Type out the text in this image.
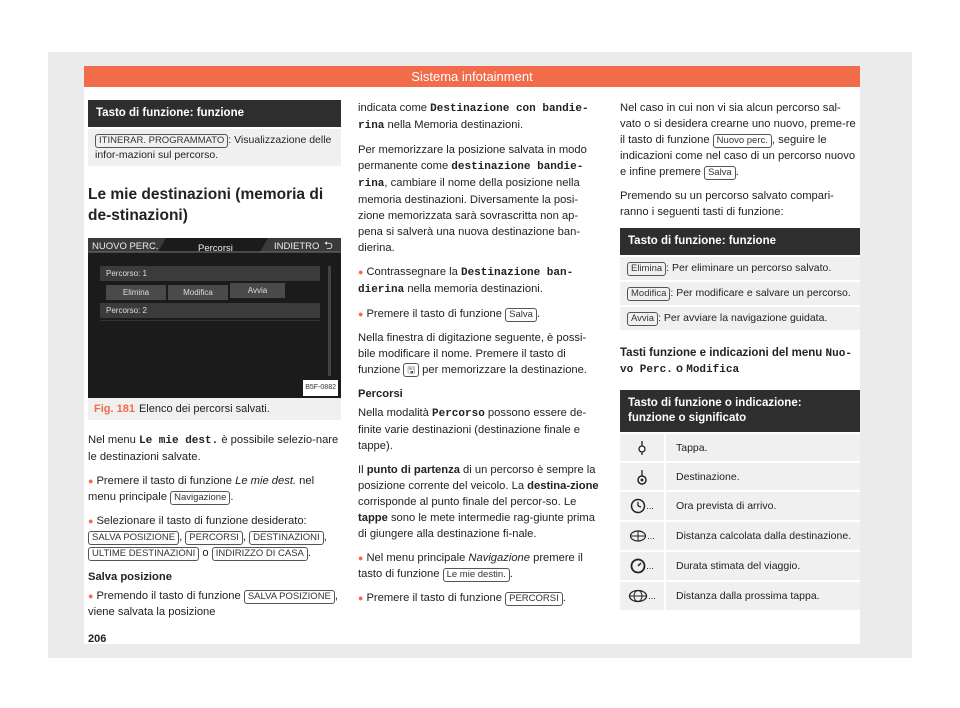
Sistema infotainment
Tasto di funzione: funzione
ITINERAR. PROGRAMMATO : Visualizzazione delle infor-mazioni sul percorso.
Le mie destinazioni (memoria di de-stinazioni)
NUOVO PERC.	Percorsi	INDIETRO ⮌
Percorso: 1
Elimina	Modifica	Avvia
Percorso: 2
B5F-0882
Fig. 181 Elenco dei percorsi salvati.

Nel menu Le mie dest. è possibile selezio-nare le destinazioni salvate.

● Premere il tasto di funzione Le mie dest. nel menu principale Navigazione .

● Selezionare il tasto di funzione desiderato: SALVA POSIZIONE , PERCORSI , DESTINAZIONI , ULTIME DESTINAZIONI o INDIRIZZO DI CASA .

Salva posizione

● Premendo il tasto di funzione SALVA POSIZIONE , viene salvata la posizione

indicata come Destinazione con bandie-rina nella Memoria destinazioni.

Per memorizzare la posizione salvata in modo permanente come destinazione bandie-rina, cambiare il nome della posizione nella memoria destinazioni. Diversamente la posi-zione memorizzata sarà sovrascritta non ap-pena si salverà una nuova destinazione ban-dierina.

● Contrassegnare la Destinazione ban-dierina nella memoria destinazioni.

● Premere il tasto di funzione Salva .

Nella finestra di digitazione seguente, è possi-bile modificare il nome. Premere il tasto di funzione 🖫 per memorizzare la destinazione.

Percorsi

Nella modalità Percorso possono essere de-finite varie destinazioni (destinazione finale e tappe).

Il punto di partenza di un percorso è sempre la posizione corrente del veicolo. La destina-zione corrisponde al punto finale del percor-so. Le tappe sono le mete intermedie rag-giunte prima di giungere alla destinazione fi-nale.

● Nel menu principale Navigazione premere il tasto di funzione Le mie destin. .

● Premere il tasto di funzione PERCORSI .

Nel caso in cui non vi sia alcun percorso sal-vato o si desidera crearne uno nuovo, preme-re il tasto di funzione Nuovo perc. , seguire le indicazioni come nel caso di un percorso nuovo e infine premere Salva .

Premendo su un percorso salvato compari-ranno i seguenti tasti di funzione:

Tasto di funzione: funzione
Elimina : Per eliminare un percorso salvato.
Modifica : Per modificare e salvare un percorso.
Avvia : Per avviare la navigazione guidata.
Tasti funzione e indicazioni del menu Nuo-vo Perc. o Modifica
Tasto di funzione o indicazione: funzione o significato
Tappa.
Destinazione.
...	Ora prevista di arrivo.
...	Distanza calcolata dalla destinazione.
...	Durata stimata del viaggio.
...	Distanza dalla prossima tappa.
206
